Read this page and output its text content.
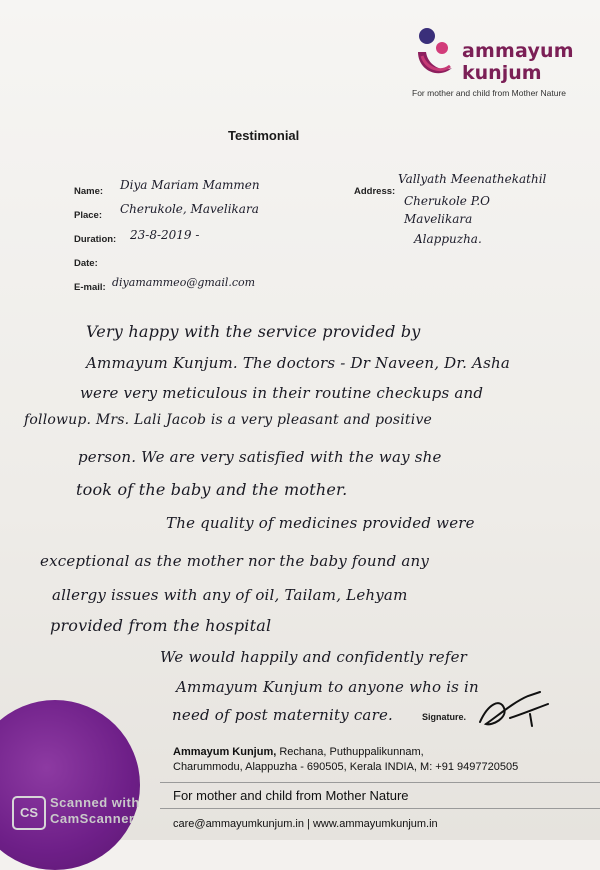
ammayum
kunjum
For mother and child from Mother Nature
Testimonial
Name: Diya Mariam Mammen
Place: Cherukole, Mavelikara
Duration: 23-8-2019 -
Date:
E-mail: diyamammeo@gmail.com
Address:
Vallyath Meenathekathil
Cherukole P.O
Mavelikara
Alappuzha.
Very happy with the service provided by
Ammayum Kunjum. The doctors - Dr Naveen, Dr. Asha
were very meticulous in their routine checkups and
followup. Mrs. Lali Jacob is a very pleasant and positive
person. We are very satisfied with the way she
took of the baby and the mother.
The quality of medicines provided were
exceptional as the mother nor the baby found any
allergy issues with any of oil, Tailam, Lehyam
provided from the hospital
We would happily and confidently refer
Ammayum Kunjum to anyone who is in
need of post maternity care.	Signature.
Ammayum Kunjum, Rechana, Puthuppalikunnam,
Charummodu, Alappuzha - 690505, Kerala INDIA, M: +91 9497720505
For mother and child from Mother Nature
care@ammayumkunjum.in | www.ammayumkunjum.in
CS
Scanned with
CamScanner
